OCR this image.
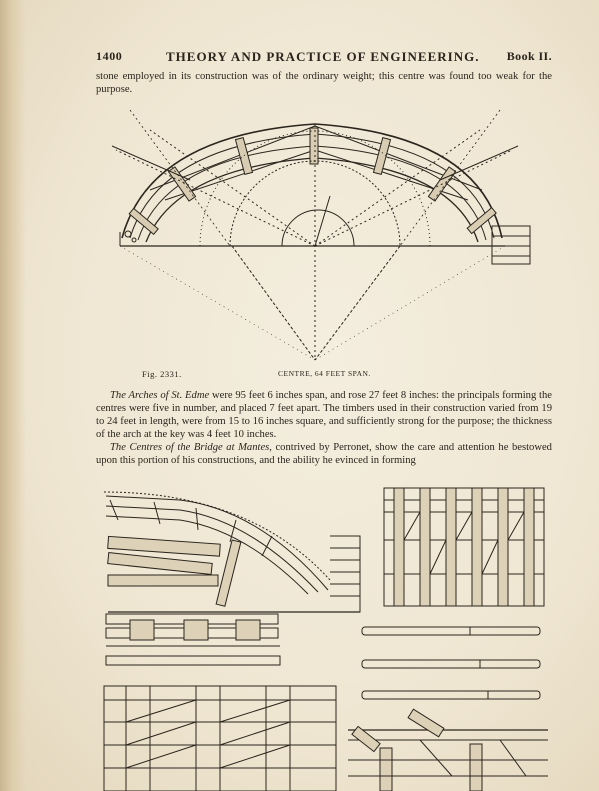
1400	THEORY AND PRACTICE OF ENGINEERING. Book II.

stone employed in its construction was of the ordinary weight; this centre was found too weak for the purpose.

Fig. 2331.	CENTRE, 64 FEET SPAN.

The Arches of St. Edme were 95 feet 6 inches span, and rose 27 feet 8 inches: the principals forming the centres were five in number, and placed 7 feet apart. The timbers used in their construction varied from 19 to 24 feet in length, were from 15 to 16 inches square, and sufficiently strong for the purpose; the thickness of the arch at the key was 4 feet 10 inches.

The Centres of the Bridge at Mantes, contrived by Perronet, show the care and attention he bestowed upon this portion of his constructions, and the ability he evinced in forming
